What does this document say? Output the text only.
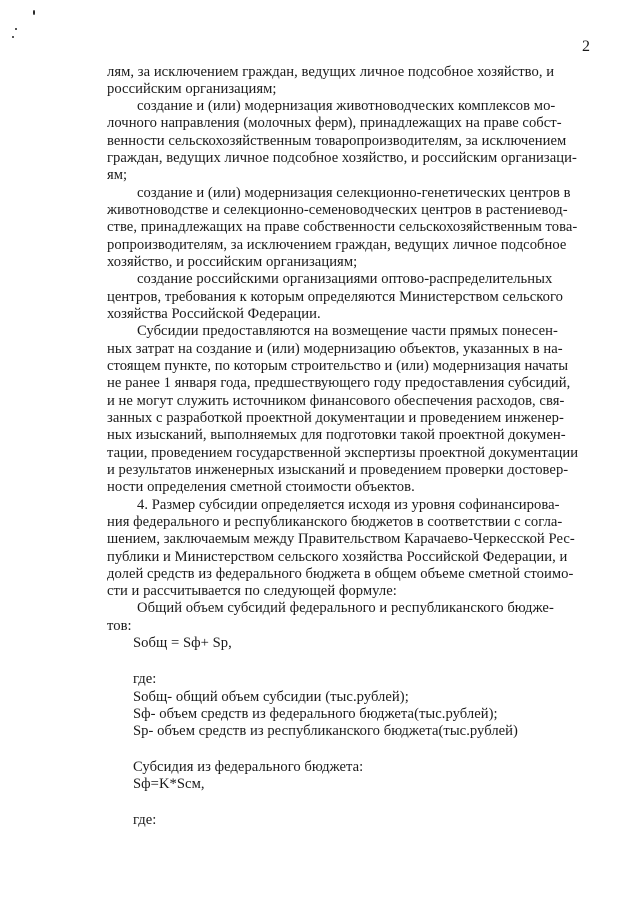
2
лям, за исключением граждан, ведущих личное подсобное хозяйство, и
российским организациям;
создание и (или) модернизация животноводческих комплексов мо-
лочного направления (молочных ферм), принадлежащих на праве собст-
венности сельскохозяйственным товаропроизводителям, за исключением
граждан, ведущих личное подсобное хозяйство, и российским организаци-
ям;
создание и (или) модернизация селекционно-генетических центров в
животноводстве и селекционно-семеноводческих центров в растениевод-
стве, принадлежащих на праве собственности сельскохозяйственным това-
ропроизводителям, за исключением граждан, ведущих личное подсобное
хозяйство, и российским организациям;
создание российскими организациями оптово-распределительных
центров, требования к которым определяются Министерством сельского
хозяйства Российской Федерации.
Субсидии предоставляются на возмещение части прямых понесен-
ных затрат на создание и (или) модернизацию объектов, указанных в на-
стоящем пункте, по которым строительство и (или) модернизация начаты
не ранее 1 января года, предшествующего году предоставления субсидий,
и не могут служить источником финансового обеспечения расходов, свя-
занных с разработкой проектной документации и проведением инженер-
ных изысканий, выполняемых для подготовки такой проектной докумен-
тации, проведением государственной экспертизы проектной документации
и результатов инженерных изысканий и проведением проверки достовер-
ности определения сметной стоимости объектов.
4. Размер субсидии определяется исходя из уровня софинансирова-
ния федерального и республиканского бюджетов в соответствии с согла-
шением, заключаемым между Правительством Карачаево-Черкесской Рес-
публики и Министерством сельского хозяйства Российской Федерации, и
долей средств из федерального бюджета в общем объеме сметной стоимо-
сти и рассчитывается по следующей формуле:
Общий объем субсидий федерального и республиканского бюдже-
тов:
Sобщ = Sф+ Sр,
где:
Sобщ- общий объем субсидии (тыс.рублей);
Sф- объем средств из федерального бюджета(тыс.рублей);
Sр- объем средств из республиканского бюджета(тыс.рублей)
Субсидия из федерального бюджета:
Sф=K*Sсм,
где:
